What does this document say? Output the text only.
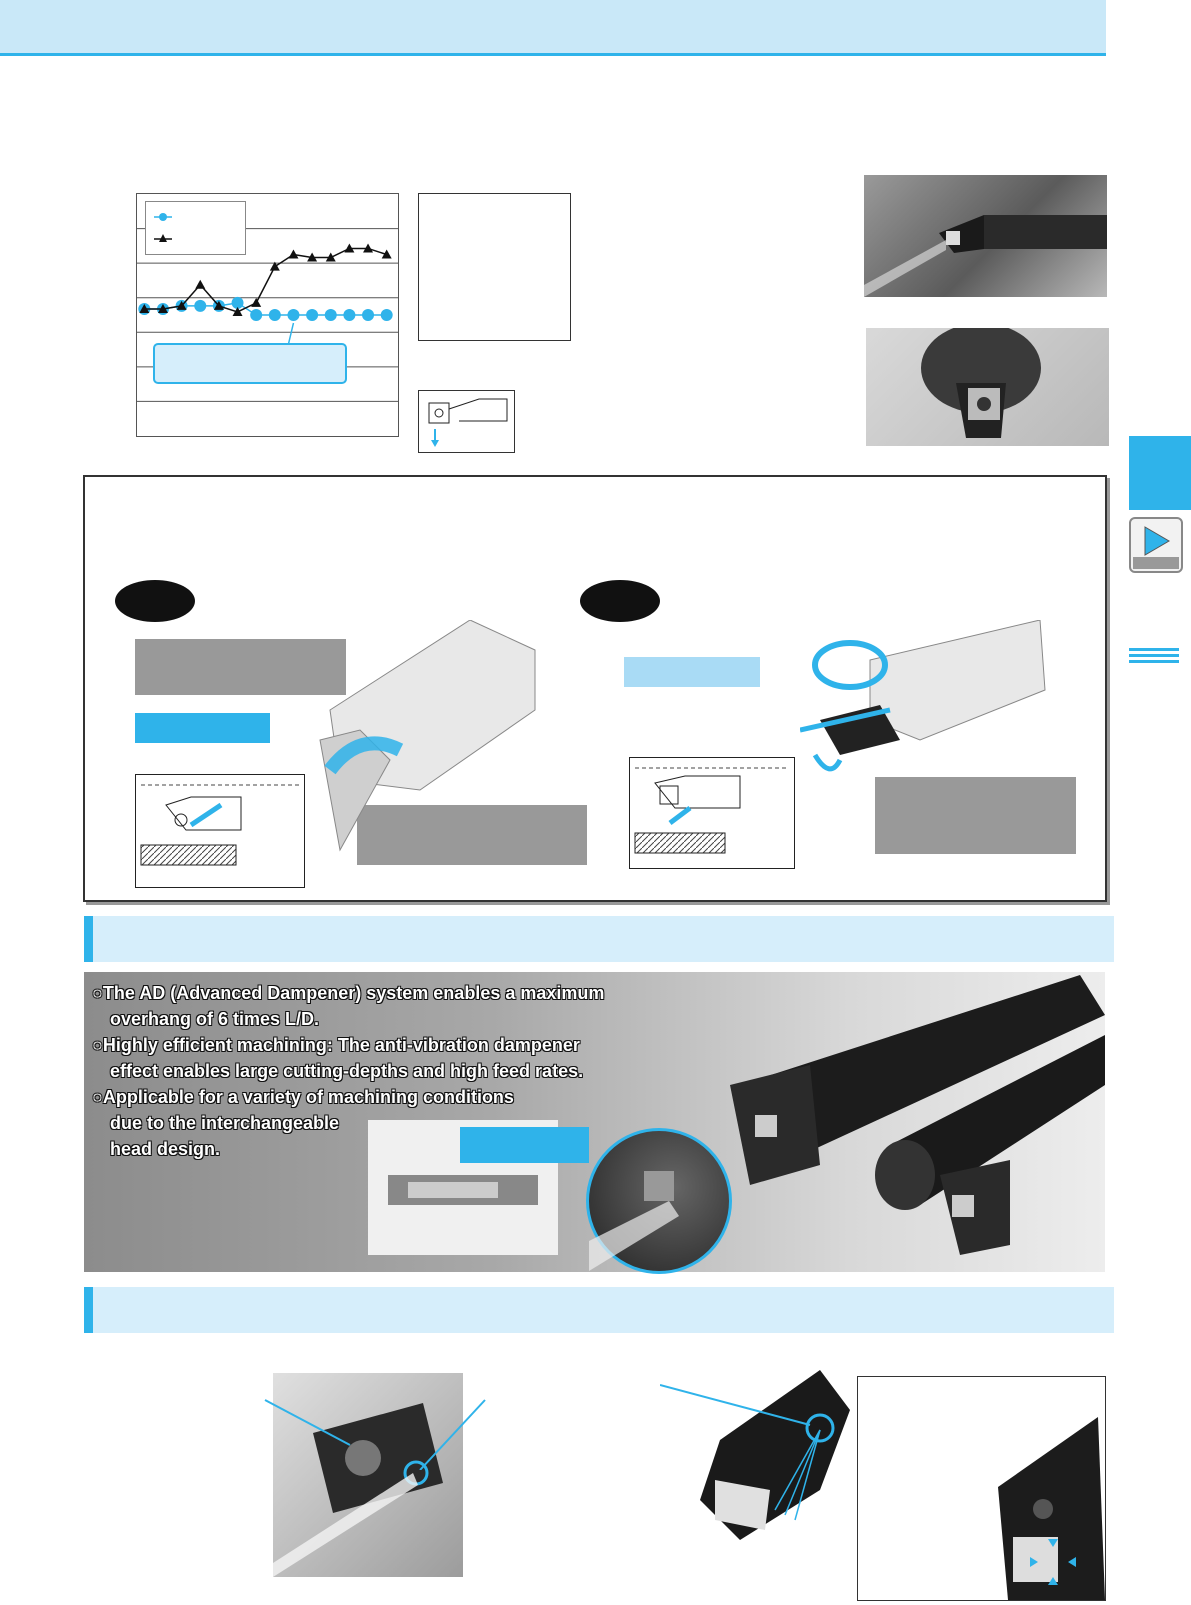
○The AD (Advanced Dampener) system enables a maximum
overhang of 6 times L/D.
○Highly efficient machining: The anti-vibration dampener
effect enables large cutting-depths and high feed rates.
○Applicable for a variety of machining conditions
due to the interchangeable
head design.
